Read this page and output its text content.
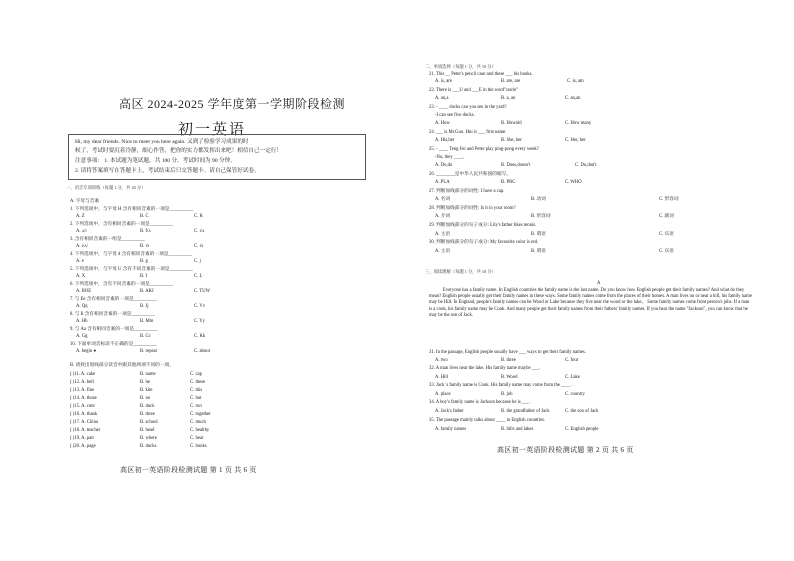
高区 2024-2025 学年度第一学期阶段检测
初一英语
Hi, my dear friends. Nice to meet you here again. 又到了检验学习成果的时
候了，考试时要沉着冷静，细心作答，把你的实力都发挥出来吧！相信自己一定行！
注意事项： 1. 本试题为笔试题，共 100 分。考试时间为 90 分钟。
2. 请将答案填写在答题卡上，考试结束后只交答题卡。请自己保管好试卷。
一、语音专项训练（每题 1 分，共 20 分）
A. 字母与音素
1. 下列选项中，与字母 H 含有相同音素的一项是__________
A. Z	B. C	C. K
2. 下列选项中，含有相同音素的一项是__________
A. ʌ/ɪ	B. f/ʌ	C. ɪ/ʌ
3. 含有相同音素的一组是__________
A. ɪ/ʌ/	B. ɪ/ɪ	C. ɪ/ɪ
4. 下列选项中，与字母 d 含有相同音素的一项是__________
A. e	B. g	C. j
5. 下列选项中，与字母 U 含有不同音素的一项是__________
A. X	B. I	C. L
6. 下列选项中，含有不同音素的一项是__________
A. BOE	B. ARJ	C. TUW
7. 与 Ee 含有相同音素的一项是__________
A. Qq	B. Jj	C. Vv
8. 与 Ii 含有相同音素的一项是__________
A. Hh	B. Mm	C. Yy
9. 与 Aa 含有相同音素的一项是__________
A. Gg	B. Cc	C. Kk
10. 下面单词音标读不正确的是__________
A. begin ●	B. repeat	C. about
B. 请找出划线部分读音中跟其他两项不同的一项。
( )11. A. cake	B. name	C. cap
( )12. A. bell	B. he	C. these
( )13. A. fine	B. kite	C. this
( )14. A. those	B. no	C. hot
( )15. A. cute	B. duck	C. run
( )16. A. thank	B. three	C. together
( )17. A. China	B. school	C. much
( )18. A. teacher	B. head	C. healthy
( )19. A. pair	B. where	C. hear
( )20. A. page	B. ducks	C. books
高区初一英语阶段检测试题 第 1 页 共 6 页
二、单项选择（每题 1 分，共 10 分）
21. This __ Peter's pencil case and these ___ his books.
A. is, are	B. are, are	C. is, am
22. There is ___U and ___E in the word"uncle"
A. an,a	B. a, an	C. an,an
23. - ____ ducks can you see in the yard?
-I can see five ducks.
A. How	B. Howold	C. How many
24. ___ is Mr.Guo. Hui is ___ first name.
A. His,her	B. She, her	C. Her, her
25. - ____ Teng Fei and Peter play ping-pong every week?
-No, they ____.
A. Do,do	B. Does,doesn't	C. Do,don't
26. ________是中华人民共和国的缩写。
A. PLA	B. PRC	C. WHO
27. 判断加线部分的词性: I have a cap.
A. 名词	B. 动词	C. 形容词
28. 判断加线部分的词性: Is it in your room?
A. 介词	B. 形容词	C. 副词
29. 判断加线部分的句子成分: Lily's father likes tennis.
A. 主语	B. 谓语	C. 宾语
30. 判断加线部分的句子成分: My favourite color is red.
A. 主语	B. 谓语	C. 宾语
三、阅读理解（每题 1 分，共 10 分）
A
Everyone has a family name. In English countries the family name is the last name. Do you know how English people get their family names? And what do they mean? English people usually get their family names in these ways. Some family names come from the places of their homes. A man lives on or near a hill, his family name may be Hill. In England, people's family names can be Wood or Lake because they live near the wood or the lake。 Some family names come from person's jobs. If a man is a cook, his family name may be Cook. And many people get their family names from their fathers' family names. If you hear the name "Jackson", you can know that he may be the son of Jack.
31. In the passage, English people usually have ___ ways to get their family names.
A. two	B. three	C. four
32. A man lives near the lake. His family name maybe ___.
A. Hill	B. Wood	C. Lake
33. Jack 's family name is Cook. His family name may come from the ____ .
A. place	B. job	C. country
34. A boy's family name is Jackson because he is ___ .
A. Jack's father	B. the grandfather of Jack	C. the son of Jack
35. The passage mainly talks about ____ in English countries.
A. family names	B. hills and lakes	C. English people
高区初一英语阶段检测试题 第 2 页 共 6 页
